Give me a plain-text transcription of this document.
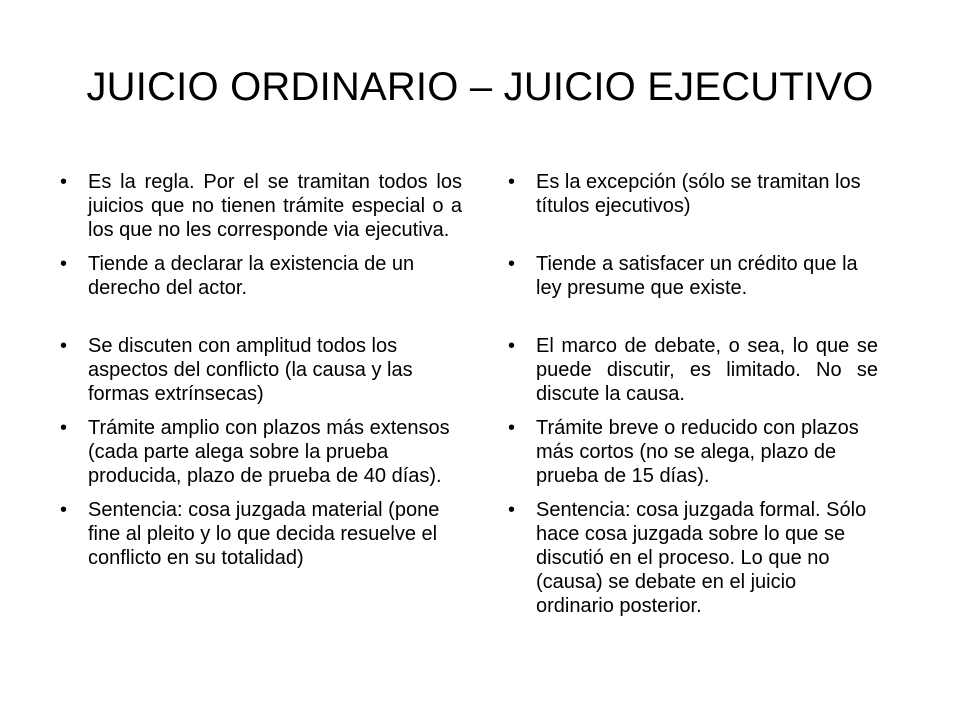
JUICIO ORDINARIO – JUICIO EJECUTIVO
• Es la regla. Por el se tramitan todos los juicios que no tienen trámite especial o a los que no les corresponde via ejecutiva.
• Tiende a declarar la existencia de un derecho del actor.
• Se discuten con amplitud todos los aspectos del conflicto (la causa y las formas extrínsecas)
• Trámite amplio con plazos más extensos (cada parte alega sobre la prueba producida, plazo de prueba de 40 días).
• Sentencia: cosa juzgada material (pone fine al pleito y lo que decida resuelve el conflicto en su totalidad)
• Es la excepción (sólo se tramitan los títulos ejecutivos)
• Tiende a satisfacer un crédito que la ley presume que existe.
• El marco de debate, o sea, lo que se puede discutir, es limitado. No se discute la causa.
• Trámite breve o reducido con plazos más cortos (no se alega, plazo de prueba de 15 días).
• Sentencia: cosa juzgada formal. Sólo hace cosa juzgada sobre lo que se discutió en el proceso. Lo que no (causa) se debate en el juicio ordinario posterior.
